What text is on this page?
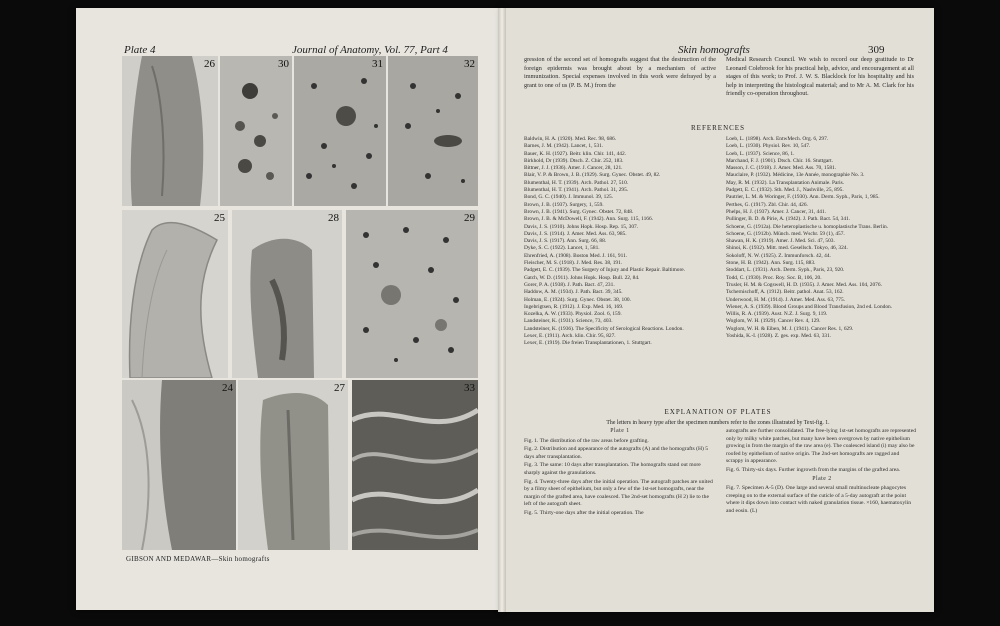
Plate 4	Journal of Anatomy, Vol. 77, Part 4
26	30	31	32
25	28	29
24	27	33
GIBSON AND MEDAWAR—Skin homografts
Skin homografts	309

gression of the second set of homografts suggest that the destruction of the foreign epidermis was brought about by a mechanism of active immunization. Special expenses involved in this work were defrayed by a grant to one of us (P. B. M.) from the

Medical Research Council. We wish to record our deep gratitude to Dr Leonard Colebrook for his practical help, advice, and encouragement at all stages of this work; to Prof. J. W. S. Blacklock for his hospitality and his help in interpreting the histological material; and to Mr A. M. Clark for his friendly co-operation throughout.

REFERENCES
Baldwin, H. A. (1920). Med. Rec. 98, 686.
Barnes, J. M. (1942). Lancet, 1, 531.
Bauer, K. H. (1927). Beitr. klin. Chir. 141, 442.
Birkhold, Dr (1939). Dtsch. Z. Chir. 252, 183.
Bittner, J. J. (1936). Amer. J. Cancer, 28, 121.
Blair, V. P. & Brown, J. B. (1929). Surg. Gynec. Obstet. 49, 82.
Blumenthal, H. T. (1939). Arch. Pathol. 27, 510.
Blumenthal, H. T. (1941). Arch. Pathol. 31, 295.
Bond, G. C. (1940). J. Immunol. 39, 125.
Brown, J. B. (1937). Surgery, 1, 559.
Brown, J. B. (1941). Surg. Gynec. Obstet. 72, 848.
Brown, J. B. & McDowell, F. (1942). Ann. Surg. 115, 1166.
Davis, J. S. (1910). Johns Hopk. Hosp. Rep. 15, 307.
Davis, J. S. (1914). J. Amer. Med. Ass. 63, 985.
Davis, J. S. (1917). Ann. Surg. 66, 88.
Dyke, S. C. (1922). Lancet, 1, 581.
Ehrenfried, A. (1908). Boston Med. J. 161, 911.
Fleischer, M. S. (1918). J. Med. Res. 38, 191.
Padgett, E. C. (1939). The Surgery of Injury and Plastic Repair. Baltimore.
Gatch, W. D. (1911). Johns Hopk. Hosp. Bull. 22, 84.
Gorer, P. A. (1938). J. Path. Bact. 47, 231.
Haddow, A. M. (1934). J. Path. Bact. 39, 345.
Holman, E. (1924). Surg. Gynec. Obstet. 38, 100.
Ingebrigtsen, R. (1912). J. Exp. Med. 16, 169.
Kozelka, A. W. (1933). Physiol. Zool. 6, 159.
Landsteiner, K. (1931). Science, 73, 403.
Landsteiner, K. (1936). The Specificity of Serological Reactions. London.
Lexer, E. (1911). Arch. klin. Chir. 95, 827.
Lexer, E. (1919). Die freien Transplantationen, 1. Stuttgart.
Loeb, L. (1898). Arch. EntwMech. Org. 6, 297.
Loeb, L. (1930). Physiol. Rev. 10, 547.
Loeb, L. (1937). Science, 86, 1.
Marchand, F. J. (1901). Dtsch. Chir. 16. Stuttgart.
Masson, J. C. (1918). J. Amer. Med. Ass. 70, 1581.
Mauclaire, P. (1932). Médicine, 13e Année, monographie No. 3.
May, R. M. (1932). La Transplantation Animale. Paris.
Padgett, E. C. (1932). Sth. Med. J., Nashville, 25, 895.
Pautrier, L. M. & Woringer, F. (1930). Ann. Derm. Syph., Paris, 1, 985.
Perthes, G. (1917). Zbl. Chir. 44, 426.
Phelps, H. J. (1937). Amer. J. Cancer, 31, 441.
Pullinger, B. D. & Pirie, A. (1942). J. Path. Bact. 54, 341.
Schoene, G. (1912a). Die heteroplastische u. homoplastische Trans. Berlin.
Schoene, G. (1912b). Münch. med. Wschr. 59 (1), 457.
Shawan, H. K. (1919). Amer. J. Med. Sci. 47, 503.
Shinoi, K. (1932). Mitt. med. Gesellsch. Tokyo, 46, 324.
Sokoloff, N. W. (1925). Z. Immunforsch. 42, 44.
Stone, H. B. (1942). Ann. Surg. 115, 883.
Stoddart, L. (1931). Arch. Derm. Syph., Paris, 23, 920.
Todd, C. (1930). Proc. Roy. Soc. B, 106, 20.
Trusler, H. M. & Cogswell, H. D. (1935). J. Amer. Med. Ass. 104, 2076.
Tschernischoff, A. (1912). Beitr. pathol. Anat. 53, 162.
Underwood, H. M. (1914). J. Amer. Med. Ass. 63, 775.
Wiener, A. S. (1939). Blood Groups and Blood Transfusion, 2nd ed. London.
Willis, R. A. (1939). Aust. N.Z. J. Surg. 9, 119.
Woglom, W. H. (1929). Cancer Rev. 4, 129.
Woglom, W. H. & Eiben, M. J. (1941). Cancer Res. 1, 629.
Yoshida, K.-I. (1928). Z. ges. exp. Med. 63, 331.
EXPLANATION OF PLATES
The letters in heavy type after the specimen numbers refer to the zones illustrated by Text-fig. 1.
Plate 1
Fig. 1. The distribution of the raw areas before grafting.
Fig. 2. Distribution and appearance of the autografts (A) and the homografts (H) 5 days after transplantation.
Fig. 3. The same: 10 days after transplantation. The homografts stand out more sharply against the granulations.
Fig. 4. Twenty-three days after the initial operation. The autograft patches are united by a filmy sheet of epithelium, but only a few of the 1st-set homografts, near the margin of the grafted area, have coalesced. The 2nd-set homografts (H 2) lie to the left of the autograft sheet.
Fig. 5. Thirty-one days after the initial operation. The
autografts are further consolidated. The free-lying 1st-set homografts are represented only by milky white patches, but many have been overgrown by native epithelium growing in from the margin of the raw area (e). The coalesced island (i) may also be roofed by epithelium of native origin. The 2nd-set homografts are ragged and scrappy in appearance.
Fig. 6. Thirty-six days. Further ingrowth from the margins of the grafted area.
Plate 2
Fig. 7. Specimen A-5 (D). One large and several small multinucleate phagocytes creeping on to the external surface of the cuticle of a 5-day autograft at the point where it dips down into contact with naked granulation tissue. ×160, haematoxylin and eosin. (L)
